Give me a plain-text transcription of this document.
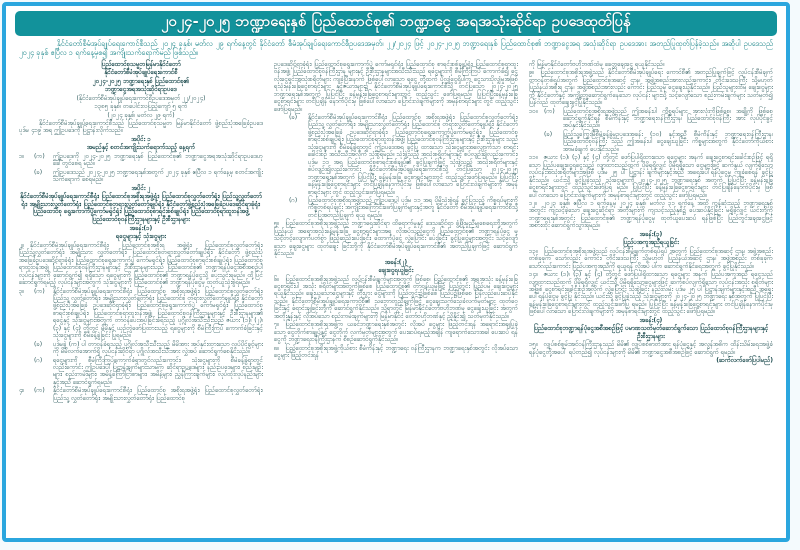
၂၀၂၄-၂၀၂၅ ဘဏ္ဍာရေးနှစ် ပြည်ထောင်စု၏ ဘဏ္ဍာငွေ အရအသုံးဆိုင်ရာ ဥပဒေထုတ်ပြန်

နိုင်ငံတော်စီမံအုပ်ချုပ်ရေးကောင်စီသည် ၂၀၂၄ ခုနှစ်၊ မတ်လ ၂၉ ရက်နေ့တွင် နိုင်ငံတော် စီမံအုပ်ချုပ်ရေးကောင်စီဥပဒေအမှတ်၊ ၂၂/၂၀၂၄ ဖြင့် ၂၀၂၄-၂၀၂၅ ဘဏ္ဍာရေးနှစ် ပြည်ထောင်စု၏ ဘဏ္ဍာငွေအရ အသုံးဆိုင်ရာ ဥပဒေအား အတည်ပြုထုတ်ပြန်ခဲ့သည်။ အဆိုပါ ဥပဒေသည် ၂၀၂၄ ခုနှစ် ဧပြီလ ၁ ရက်နေ့မှစ၍ အကျိုးသက်ရောက်မည် ဖြစ်သည်။

ပြည်ထောင်စုသမ္မတမြန်မာနိုင်ငံတော်
နိုင်ငံတော်စီမံအုပ်ချုပ်ရေးကောင်စီ
၂၀၂၄-၂၀၂၅ ဘဏ္ဍာရေးနှစ် ပြည်ထောင်စု၏
ဘဏ္ဍာငွေအရအသုံးဆိုင်ရာဥပဒေ
(နိုင်ငံတော်စီမံအုပ်ချုပ်ရေးကောင်စီဥပဒေအမှတ် ၂၂/၂၀၂၄)
၁၃၈၅ ခုနှစ်၊ တပေါင်းလပြည့်ကျော် ၅ ရက်
(၂၀၂၄ ခုနှစ်၊ မတ်လ ၂၉ ရက်)
နိုင်ငံတော်စီမံအုပ်ချုပ်ရေးကောင်စီသည် ပြည်ထောင်စုသမ္မတ မြန်မာနိုင်ငံတော် ဖွဲ့စည်းပုံအခြေခံဥပဒေ ပုဒ်မ ၄၁၉ အရ ဤဥပဒေကို ပြဋ္ဌာန်းလိုက်သည်။
အပိုင်း ၁
အမည်နှင့် စတင်အကျိုးသက်ရောက်သည့် နေ့ရက်
၁။	(က)	ဤဥပဒေကို ၂၀၂၄-၂၀၂၅ ဘဏ္ဍာရေးနှစ် ပြည်ထောင်စု၏ ဘဏ္ဍာငွေအရအသုံးဆိုင်ရာဥပဒေဟု ခေါ်တွင်စေရ မည်။
(ခ)	ဤဥပဒေသည် ၂၀၂၄-၂၀၂၅ ဘဏ္ဍာရေးနှစ်အတွက် ၂၀၂၄ ခုနှစ် ဧပြီလ ၁ ရက်နေ့မှ စတင်အကျိုးသက်ရောက် စေရမည်။
အပိုင်း ၂
နိုင်ငံတော်စီမံအုပ်ချုပ်ရေးကောင်စီရုံး၊ ပြည်ထောင်စုအစိုးရအဖွဲ့ရုံး၊ ပြည်ထောင်စုလွှတ်တော်ရုံး၊ ပြည်သူ့လွှတ်တော်ရုံး၊ အမျိုးသားလွှတ်တော်ရုံး၊ ပြည်ထောင်စုတရားလွှတ်တော်ချုပ်ရုံး၊ နိုင်ငံတော်ဖွဲ့စည်းပုံအခြေခံဥပဒေဆိုင်ရာခုံရုံး၊ ပြည်ထောင်စု ရွေးကောက်ပွဲကော်မရှင်ရုံး၊ ပြည်ထောင်စုစာရင်းစစ်ချုပ်ရုံး၊ ပြည်ထောင်စုရာထူးဝန်အဖွဲ့
ပြည်ထောင်စုဝန်ကြီးဌာနများနှင့် ဦးစီးဌာနများ
အခန်း(၁)
ရငွေများနှင့် သုံးငွေများ
၂။ နိုင်ငံတော်စီမံအုပ်ချုပ်ရေးကောင်စီရုံး၊ ပြည်ထောင်စုအစိုးရ အဖွဲ့ရုံး၊ ပြည်ထောင်စုလွှတ်တော်ရုံး၊ ပြည်သူ့လွှတ်တော်ရုံး၊ အမျိုးသား လွှတ်တော်ရုံး၊ ပြည်ထောင်စုတရားလွှတ်တော်ချုပ်ရုံး၊ နိုင်ငံတော် ဖွဲ့စည်းပုံအခြေခံဥပဒေဆိုင်ရာခုံရုံး၊ ပြည်ထောင်စုရွေးကောက်ပွဲ ကော်မရှင်ရုံး၊ ပြည်ထောင်စုစာရင်းစစ်ချုပ်ရုံး၊ ပြည်ထောင်စုရာထူးဝန်အဖွဲ့၊ ပြည်ထောင်စုဝန်ကြီးဌာနများနှင့် ဦးစီးဌာနများသည် ပြည်ထောင်စု၏ ဘဏ္ဍာရန်ပုံငွေအစီအစဉ်ပါ လုပ်ငန်းများကို ဆောင်ရွက်၍ ရရှိသော ရငွေများကို ပြည်ထောင်စု၏ ဘဏ္ဍာရန်ပုံငွေသို့ ပေးသွင်းရမည်။ ထို့ပြင် ဆောင်ရွက်ရမည့် လုပ်ငန်းများအတွက် သုံးငွေများကို ပြည်ထောင်စု၏ ဘဏ္ဍာရန်ပုံငွေမှ ထုတ်ယူသုံးစွဲရမည်။
၃။	(က)	နိုင်ငံတော်စီမံအုပ်ချုပ်ရေးကောင်စီရုံး၊ ပြည်ထောင်စု အစိုးရအဖွဲ့ရုံး၊ ပြည်ထောင်စုလွှတ်တော်ရုံး၊ ပြည်သူ့ လွှတ်တော်ရုံး၊ အမျိုးသားလွှတ်တော်ရုံး၊ ပြည်ထောင်စု တရားလွှတ်တော်ချုပ်ရုံး၊ နိုင်ငံတော်ဖွဲ့စည်းပုံအခြေခံ ဥပဒေဆိုင်ရာခုံရုံး၊ ပြည်ထောင်စုရွေးကောက်ပွဲ ကော်မရှင်ရုံး၊ ပြည်ထောင်စုစာရင်းစစ်ချုပ်ရုံး၊ ပြည်ထောင်စုရာထူးဝန်အဖွဲ့၊ ပြည်ထောင်စုဝန်ကြီးဌာနများနှင့် ဦးစီးဌာနများ၏ ရငွေနှင့် သုံးငွေများအတွက် တာဝန်ပေးအပ်ခြင်းခံရသည့် ပုဂ္ဂိုလ်အသီးသီးသည် ဇယား (၁)၊ (၂)၊ (၃) နှင့် (၄) တို့တွင် မိမိနှင့် ယှဉ်တွဲဖော်ပြထားသည့် ရငွေများကို စီမံကြီးကြပ် ကောက်ခံခြင်းနှင့် သုံးငွေများကို စီမံခန့်ခွဲခြင်း ပြုရမည်။
(ခ)	ပုဒ်မခွဲ (က) ပါ တာဝန်ခံရသည့် ပုဂ္ဂိုလ်အသီးသီးသည် မိမိအား အပ်နှင်းထားသော လုပ်ပိုင်ခွင့်များကို မိမိလက်အောက်ရှိ လုပ်ငန်းဆိုင်ရာ ပုဂ္ဂိုလ်အသီးသီးအား လွှဲအပ် ဆောင်ရွက်စေနိုင်သည်။
(ဂ)	ရငွေများကို စီမံကြီးကြပ်ကောက်ခံရာတွင်လည်းကောင်း၊ သုံးငွေများကို စီမံခန့်ခွဲရာတွင်လည်းကောင်း ဤဥပဒေပါ ပြဋ္ဌာန်းချက်များသာမက ဆိုင်ရာဥပဒေများ၊ နည်းဥပဒေများ၊ စည်းမျဉ်းများ၊ စည်းကမ်းများ၊ အမိန့်ကြော်ငြာစာများ၊ အမိန့်များ၊ ညွှန်ကြားချက်များ၊ လုပ်ထုံးလုပ်နည်းများနှင့်အညီ ဆောင်ရွက်ရမည်။
၄။	(က)	နိုင်ငံတော်စီမံအုပ်ချုပ်ရေးကောင်စီရုံး၊ ပြည်ထောင်စု အစိုးရအဖွဲ့ရုံး၊ ပြည်ထောင်စုလွှတ်တော်ရုံး၊ ပြည်သူ့ လွှတ်တော်ရုံး၊ အမျိုးသားလွှတ်တော်ရုံး၊ ပြည်ထောင်စု
ဥပဒေဆိုင်ရာခုံရုံး၊ ပြည်ထောင်စုရွေးကောက်ပွဲ ကော်မရှင်ရုံး၊ ပြည်ထောင်စု စာရင်းစစ်ချုပ်ရုံး၊ ပြည်ထောင်စုရာထူးဝန်အဖွဲ့၊ ပြည်ထောင်စုဝန်ကြီးဌာန များနှင့် ဦးစီးဌာနများအသီးသီးသည် ရငွေများကို စီမံကြီးကြပ် ကောက်ခံ၍ ငွေလုံးငွေရင်းအသုံးစရိတ်များ ကျခံပြီးနောက် ဖြစ်ပေါ်လာသော ရငွေ တို့ထက် ပိုလျှံငွေရှိပါက ငွေသားပိုလျှံမှုအဖြစ် ရသုံးမှန်းခြေငွေစာရင်းများ နှင့်ဇယားများ၌ နိုင်ငံတော်စီမံအုပ်ချုပ်ရေးကောင်စီသို့ တင်ပြသော ၂၀၂၄-၂၀၂၅ ဘဏ္ဍာရေးနှစ်အတွက် ပြုပြင်ပြီး ခန့်မှန်းခြေငွေစာရင်းများတွင် ထည့်သွင်း ဖော်ပြရမည်။ ပြုပြင်ပြီးခန့်မှန်းခြေငွေစာရင်းများ တင်ပြချိန် နောက်ပိုင်းမှ ဖြစ်ပေါ်လာသော ပြောင်းလဲချက်များကို အမှန်စာရင်းများ တွင် ထည့်သွင်းဖော်ပြရမည်။
(ခ)	နိုင်ငံတော်စီမံအုပ်ချုပ်ရေးကောင်စီရုံး၊ ပြည်ထောင်စု အစိုးရအဖွဲ့ရုံး၊ ပြည်ထောင်စုလွှတ်တော်ရုံး၊ ပြည်သူ့ လွှတ်တော်ရုံး၊ အမျိုးသားလွှတ်တော်ရုံး၊ ပြည်ထောင်စု တရားလွှတ်တော်ချုပ်ရုံး၊ နိုင်ငံတော်ဖွဲ့စည်းပုံအခြေခံ ဥပဒေဆိုင်ရာခုံရုံး၊ ပြည်ထောင်စုရွေးကောက်ပွဲကော်မရှင်ရုံး၊ ပြည်ထောင်စု စာရင်းစစ်ချုပ်ရုံး၊ ပြည်ထောင်စုရာထူးဝန်အဖွဲ့၊ ပြည်ထောင်စုဝန်ကြီးဌာနများနှင့် ဦးစီးဌာနများ သည် သုံးငွေများကို စီမံခန့်ခွဲရာတွင် ဤဥပဒေအရ ခွင့်ပြု ထားသော သုံးငွေများအလျောက်သာ စာရင်းခေါင်းစဉ် အသီးသီးအလိုက် သုံးစွဲရမည်။ သုံးဖွဲ့သည့် အသုံးစရိတ်များနှင့် စပ်လျဉ်း၍လည်းကောင်း၊ ပုဒ်မ ၁၁ အရ ပြည်ထောင်စုစာရင်းစစ်ချုပ်၏ ခွင့်ပြုချက်ဖြင့် သုံးဖွဲ့သည့် အသုံးစရိတ်များနှင့် စပ်လျဉ်း၍လည်းကောင်း နိုင်ငံတော်စီမံအုပ်ချုပ်ရေးကောင်စီသို့ တင်ပြသော ၂၀၂၄-၂၀၂၅ ဘဏ္ဍာရေးနှစ်အတွက် ပြုပြင်ပြီး ခန့်မှန်းခြေ ငွေစာရင်းများတွင် ထည့်သွင်းဖော်ပြရမည်။ ပြုပြင်ပြီး ခန့်မှန်းခြေငွေစာရင်းများ တင်ပြချိန်နောက်ပိုင်းမှ ဖြစ်ပေါ်လာသော ပြောင်းလဲချက်များကို အမှန်စာရင်းများ တွင် ထည့်သွင်းဖော်ပြရမည်။
(ဂ)	ပြည်ထောင်စုအစိုးရအဖွဲ့သည် ဤဥပဒေပါ ပုဒ်မ ၁၁ အရ ပိုမိုသုံးစွဲရန် ခွင့်ပြုသည့် ကိစ္စရပ်များကို ကိစ္စတစ်ရပ်ချင်း အကျိုးအကြောင်းဖော်ပြချက်များနှင့်အတူ နိုင်ငံတော် စီမံအုပ်ချုပ်ရေးကောင်စီသို့ တင်ပြအတည်ပြုချက် ရယူ ရမည်။
၅။ ပြည်ထောင်စုအစိုးရအဖွဲ့သည် ဘဏ္ဍာရေးဆိုင်ရာ ထိရောက်မှုနှင့် ဒေသဆိုင်ရာ ဖွံ့ဖြိုးမှုညီမျှစေရေးတို့အတွက် ပြည်နယ် အရောအသုံးခန့်မှန်းခြေ ငွေစာရင်းများအရ လိုအပ်သည့်ငွေကို ပြည်ထောင်စု၏ ဘဏ္ဍာရန်ပုံငွေ မှ သင့်တင့်လျောက်ပတ်စွာ ဖြည့်ဆည်းပေးခြင်း၊ ထောက်ပံ့ငွေ လွှဲပြောင်း ပေးခြင်း၊ ခွင့်ပြုငွေများအတွင်း သင့်လျော်သော ချေးငွေများ ထုတ်ချေး ခြင်းတို့ကို နိုင်ငံတော်စီမံအုပ်ချုပ်ရေးကောင်စီ၏ အတည်ပြုချက်ဖြင့် ဆောင်ရွက်နိုင်သည်။
အခန်း(၂)
ချေးငွေရယူခြင်း
၆။ ပြည်ထောင်စုအစိုးရအဖွဲ့သည် လုပ်ငန်းစီမံချက်များအတွက် ဖြစ်စေ၊ ပြည်ထောင်စု၏ အရအသုံး ခန့်မှန်းခြေငွေစာရင်းပါ အသုံး စရိတ်များအတွက်ဖြစ်စေ ပြည်ထောင်စု၏ တာဝန်ယူမှုဖြင့် ပြည်တွင်း ပြည်ပမှ ချေးငွေများ ရယူနိုင်သည်။ ချေးယူသောငွေများနှင့် တိုးပွား ငွေများကို ပြည်တွင်း၌ဖြစ်စေ ပြည်ပ၌ဖြစ်စေ ပြန်လည်ပေးဆပ်နိုင် သည်။ နိုင်ငံတော်စီမံအုပ်ချုပ်ရေးကောင်စီ၏ သဘောတူညီချက်ဖြင့် ငွေချေးသက်သေခံလက်မှတ်များ ထုတ်ဝေခြင်းနှင့် ရောင်းချခြင်းတို့ကို ဆောင်ရွက်နိုင်သည်။ သို့ရာတွင် မြန်မာနိုင်ငံတော်ဗဟိုဘဏ်မှ ငွေချေးယူခြင်း အတွက် အတိုးနှုန်းနှင့် လိုအပ်သော စည်းကမ်းချက်များကို မြန်မာနိုင်ငံ တော်ဗဟိုဘဏ်နှင့် ညှိနှိုင်း၍ သတ်မှတ်နိုင်သည်။
၇။ ပြည်ထောင်စုအစိုးရအဖွဲ့က ယခင်ဘဏ္ဍာရေးနှစ်အတွင်း လိုအပ် ငွေများ ဖြည့်တင်းရန် အရောင်းအချပြုခဲ့သော ငွေတိုက်စာချုပ်နှင့် ငွေတိုက် လက်မှတ်များအတွက် ပေးဆပ်ရမည့်အချိန် ကျရောက်သောအခါ ပေးဆပ် ရန်ငွေကို ဘဏ္ဍာရေးဝန်ကြီးဌာနက စီစဉ်ဆောင်ရွက်နိုင်သည်။
၈။ ပြည်ထောင်စုအစိုးရအဖွဲ့ကိုယ်စား စီမံကိန်းနှင့် ဘဏ္ဍာရေး ဝန်ကြီးဌာနက ဘဏ္ဍာရေးနှစ်အတွင်း လိုအပ်သောငွေများ ဖြည့်တင်းရန်
ကို မြန်မာနိုင်ငံတော်ဗဟိုဘဏ်ထံမှ ခေတ္တချေးငွေ ရယူနိုင်သည်။
၉။ ပြည်ထောင်စုအစိုးရအဖွဲ့သည် နိုင်ငံတော်စီမံအုပ်ချုပ်ရေး ကောင်စီ၏ အတည်ပြုချက်ဖြင့် လုပ်ငန်းစီမံချက်တာဝန်တစ်ရပ်အတွက် ပြည်ထောင်စုအဆင့် ဌာန၊ အဖွဲ့အစည်းအားလည်းကောင်း၊ တိုင်းဒေသကြီး သို့မဟုတ် ပြည်နယ်အစိုးရ ဌာန၊ အဖွဲ့အစည်းအားလည်း ကောင်း ပြည်သူမှ ငွေချေးယူနိုင်သည်။ ပြည်သူများထံမှ ချေးငွေများကို နိုင်ငံတော်နှင့် အကျိုးတူဆောင်ရွက်နေသော လုပ်ငန်း များသို့ သင့်လျော်သော စည်းကမ်းချက်များ သတ်မှတ်၍ ပြန်လည် ထုတ်ချေးခွင့်ပြုနိုင်သည်။
၁၀။	(က)	ပြည်ထောင်စုအစိုးရအဖွဲ့သည် ဤအခန်းပါ ကိစ္စရပ်များ အားလုံးကိုဖြစ်စေ၊ အချို့ကို ဖြစ်စေ ဆောင်ရွက်နိုင်ရန် စီမံကိန်းနှင့် ဘဏ္ဍာရေးဝန်ကြီးဌာန၊ ပြည်ထောင်စုဝန်ကြီး အား လုပ်ပိုင်ခွင့် အပ်နှင်းနိုင်သည်။
(ခ)	ပြည်သူ့ကြွေးမြီစီမံခန့်ခွဲမှုဥပဒေအခန်း (၁၀) နှင့်အညီ စီမံကိန်းနှင့် ဘဏ္ဍာရေးဝန်ကြီးဌာန၊ ပြည်ထောင်စုဝန်ကြီး သည် ဤအခန်းပါ ငွေချေးယူခြင်း ကိစ္စများအတွက် နိုင်ငံတော်ကိုယ်စား အာမခံချက် ပေးနိုင်သည်။
၁၁။ ဇယား (၁)၊ (၃) နှင့် (၄) တို့တွင် ဖော်ပြပါရှိထားသော ရငွေများ အနက် ချေးငွေစာရင်းခေါင်းစဉ်ဖြင့် ရရှိသော ပြည်ပချေးငွေရငွေသည် လျာထားသည်ထက် ပိုမိုရရှိလျှင် ပိုမိုရရှိသော ငွေများဖြင့် ဆက်နွယ် လျက်ရှိသော လုပ်ငန်းအသုံးစရိတ်များအဖြစ် ပုဒ်မ ၂၅ ပါ ပြဋ္ဌာန်း ချက်များနှင့်အညီ အရေးပေါ်ရန်ပုံငွေမှ ကျခံစေရန် ခွင့်ပြုနိုင်သည်။ ယင်းသို့ ခွင့်ပြုခဲ့သည့် သုံးငွေများကို ၂၀၂၄-၂၀၂၅ ဘဏ္ဍာရေးနှစ် အတွက် ပြုပြင်ပြီး ခန့်မှန်းခြေငွေစာရင်းများတွင် ထည့်သွင်းဖော်ပြရ မည်။ ပြုပြင်ပြီး ခန့်မှန်းခြေငွေစာရင်းများ တင်ပြချိန်နောက်ပိုင်းမှ ဖြစ်ပေါ်လာသော ပြောင်းလဲချက်များကို အမှန်စာရင်းများတွင် ထည့်သွင်း ဖော်ပြရမည်။
၁၂။ ၂၀၂၃ ခုနှစ်၊ ဧပြီလ ၁ ရက်နေ့မှ ၂၀၂၄ ခုနှစ်၊ မတ်လ ၃၁ ရက်နေ့ အထိ ကုန်ဆုံးသည့် ဘဏ္ဍာရေးနှစ်အတွင်း ကျသင့်ခဲ့သော ချေးငွေဆိုင်ရာ အတိုးများကို ကျသင့်သည့်နှစ်၌ ပေးဆပ်နိုင်ခြင်း မရှိခဲ့လျှင် ယင်းတို့ကို ဘဏ္ဍာရေးနှစ်အတွင်း ပြည်ထောင်စု၏ ဘဏ္ဍာရန်ပုံငွေမှ ထုတ်ယူပေးဆပ် ရန်ဖြစ်ပြီး ပြည်တွင်းချေးငွေဖြင့် အစားထိုး ဆောင်ရွက်သွားရမည်။
အခန်း(၃)
ပြည်ပအကူအညီရယူခြင်း
၁၃။ ပြည်ထောင်စုအစိုးရအဖွဲ့သည် လုပ်ငန်းစီမံချက်တစ်ရပ်ရပ် အတွက် ပြည်ထောင်စုအဆင့် ဌာန၊ အဖွဲ့အစည်းတစ်ခုခုက သော်လည်း ကောင်း၊ တိုင်းဒေသကြီး သို့မဟုတ် ပြည်နယ်အဆင့် ဌာန၊ အဖွဲ့အစည်း တစ်ခုခုက သော်လည်းကောင်း ပြည်ပအကူအညီကို ရယူရန် လိုအပ် ပါက ဆောင်ရွက်နိုင်ရေးအတွက် ခွင့်ပြုနိုင်သည်။
၁၄။ ဇယား (၁)၊ (၃) နှင့် (၄) တို့တွင် ဖော်ပြပါရှိထားသော ရငွေများ အနက် ပြည်ပအကူအညီ ရငွေသည် လျာထားသည်ထက် ပိုမိုရရှိလျှင် ယင်းသို့ ပိုမိုရရှိသောငွေများဖြင့် ဆက်စပ်လျက်ရှိသော လုပ်ငန်းအသုံး စရိတ်များအဖြစ် ငွေစာရင်းခေါင်းစဉ်အလိုက် လွှဲပြောင်း သုံးစွဲခြင်း နည်းလမ်း ပုဒ်မ ၂၅ ပါ ပြဋ္ဌာန်းချက်များနှင့်အညီ အရေးပေါ်ရန်ပုံငွေမှ ခွင့်ပြု နိုင်သည်။ ယင်းသို့ ခွင့်ပြုခဲ့သည့် သုံးငွေများကို ၂၀၂၄-၂၀၂၅ ဘဏ္ဍာရေး နှစ်အတွက် ပြုပြင်ပြီး ခန့်မှန်းခြေငွေစာရင်းများတွင် ထည့်သွင်းဖော်ပြ ရမည်။ ပြုပြင်ပြီး ခန့်မှန်းခြေငွေစာရင်းများ တင်ပြချိန်နောက်ပိုင်းမှ ဖြစ်ပေါ်လာသော ပြောင်းလဲချက်များကို အမှန်စာရင်းများတွင် ထည့်သွင်း ဖော်ပြရမည်။
အခန်း(၄)
ပြည်ထောင်စုဘဏ္ဍာရန်ပုံငွေအစီအစဉ်ဖြင့် ပမာဏသတ်မှတ်ဆောင်ရွက်သော ပြည်ထောင်စုဝန်ကြီးဌာနများနှင့် ဦးစီးဌာနများ
၁၅။ လျှပ်စစ်စွမ်းအင်ဝန်ကြီးဌာနသည် မိမိ၏ လျှပ်စစ်ဓာတ်အား ရန်ပုံငွေနှင့် အလွန်အဓိက ထိန်းသိမ်းရေးအဖွဲ့ခံ ရန်ပုံငွေတို့အပေါ် ရပ်တည်၍ လုပ်ငန်းများကို မိမိ၏ ဘဏ္ဍာငွေအစီအစဉ်ဖြင့် ဆောင်ရွက် ရမည်။
(ဆက်လက်ဖော်ပြပါမည်)
